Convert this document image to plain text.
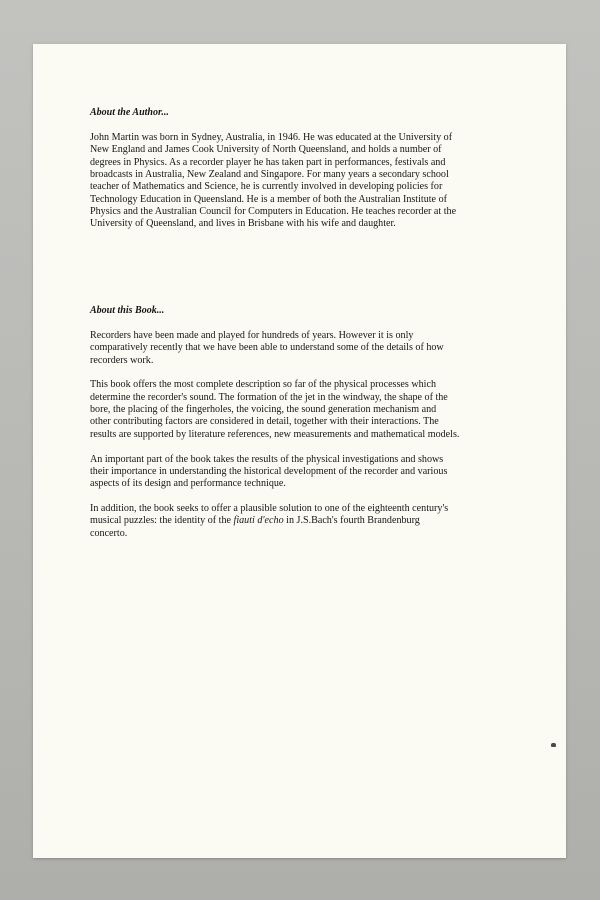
About the Author...
John Martin was born in Sydney, Australia, in 1946. He was educated at the University of
New England and James Cook University of North Queensland, and holds a number of
degrees in Physics. As a recorder player he has taken part in performances, festivals and
broadcasts in Australia, New Zealand and Singapore. For many years a secondary school
teacher of Mathematics and Science, he is currently involved in developing policies for
Technology Education in Queensland. He is a member of both the Australian Institute of
Physics and the Australian Council for Computers in Education. He teaches recorder at the
University of Queensland, and lives in Brisbane with his wife and daughter.
About this Book...
Recorders have been made and played for hundreds of years. However it is only
comparatively recently that we have been able to understand some of the details of how
recorders work.
This book offers the most complete description so far of the physical processes which
determine the recorder's sound. The formation of the jet in the windway, the shape of the
bore, the placing of the fingerholes, the voicing, the sound generation mechanism and
other contributing factors are considered in detail, together with their interactions. The
results are supported by literature references, new measurements and mathematical models.
An important part of the book takes the results of the physical investigations and shows
their importance in understanding the historical development of the recorder and various
aspects of its design and performance technique.
In addition, the book seeks to offer a plausible solution to one of the eighteenth century's
musical puzzles: the identity of the fiauti d'echo in J.S.Bach's fourth Brandenburg
concerto.
